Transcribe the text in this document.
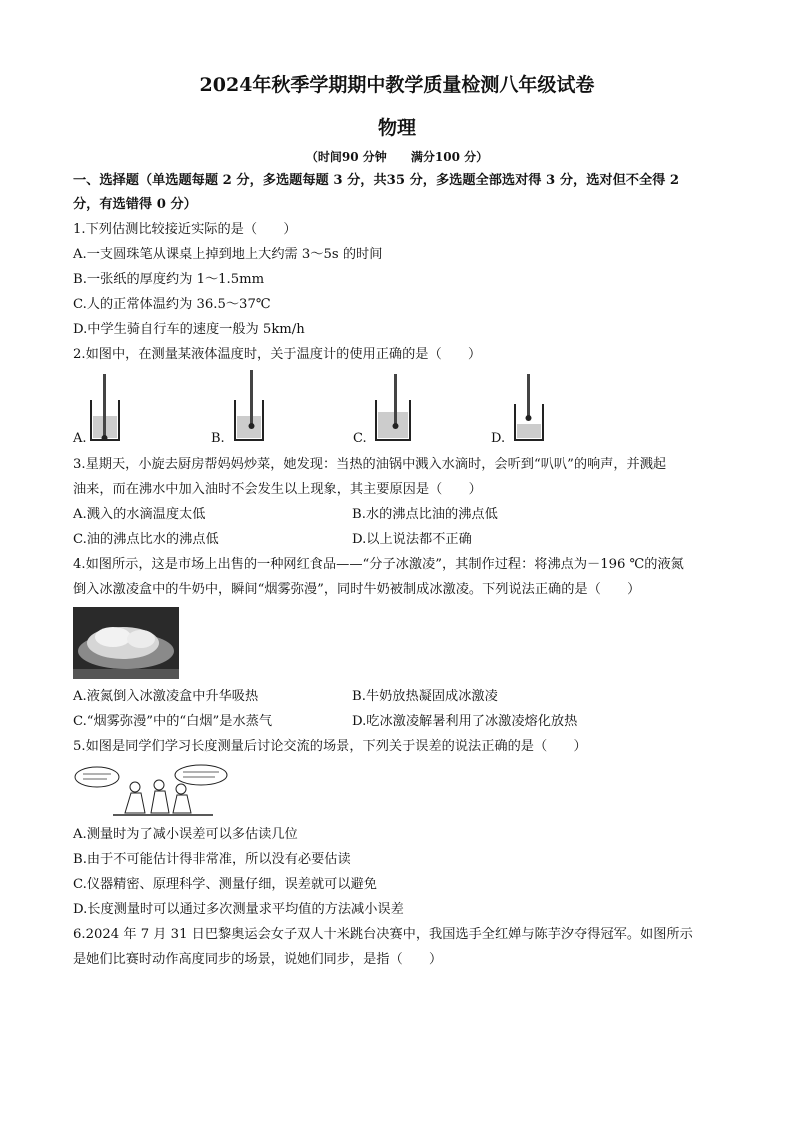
2024年秋季学期期中教学质量检测八年级试卷
物理
（时间90 分钟 满分100 分）
一、选择题（单选题每题 2 分，多选题每题 3 分，共35 分，多选题全部选对得 3 分，选对但不全得 2
分，有选错得 0 分）
1.下列估测比较接近实际的是（　　）
A.一支圆珠笔从课桌上掉到地上大约需 3～5s 的时间
B.一张纸的厚度约为 1～1.5mm
C.人的正常体温约为 36.5～37℃
D.中学生骑自行车的速度一般为 5km/h
2.如图中，在测量某液体温度时，关于温度计的使用正确的是（　　）
A.	B.	C.	D.
3.星期天，小旋去厨房帮妈妈炒菜，她发现：当热的油锅中溅入水滴时，会听到“叭叭”的响声，并溅起
油来，而在沸水中加入油时不会发生以上现象，其主要原因是（　　）
A.溅入的水滴温度太低	B.水的沸点比油的沸点低
C.油的沸点比水的沸点低	D.以上说法都不正确
4.如图所示，这是市场上出售的一种网红食品——“分子冰激凌”，其制作过程：将沸点为－196 ℃的液氮
倒入冰激凌盒中的牛奶中，瞬间“烟雾弥漫”，同时牛奶被制成冰激凌。下列说法正确的是（　　）
A.液氮倒入冰激凌盒中升华吸热	B.牛奶放热凝固成冰激凌
C.“烟雾弥漫”中的“白烟”是水蒸气	D.吃冰激凌解暑利用了冰激凌熔化放热
5.如图是同学们学习长度测量后讨论交流的场景，下列关于误差的说法正确的是（　　）
A.测量时为了减小误差可以多估读几位
B.由于不可能估计得非常准，所以没有必要估读
C.仪器精密、原理科学、测量仔细，误差就可以避免
D.长度测量时可以通过多次测量求平均值的方法减小误差
6.2024 年 7 月 31 日巴黎奥运会女子双人十米跳台决赛中，我国选手全红婵与陈芋汐夺得冠军。如图所示
是她们比赛时动作高度同步的场景，说她们同步，是指（　　）
